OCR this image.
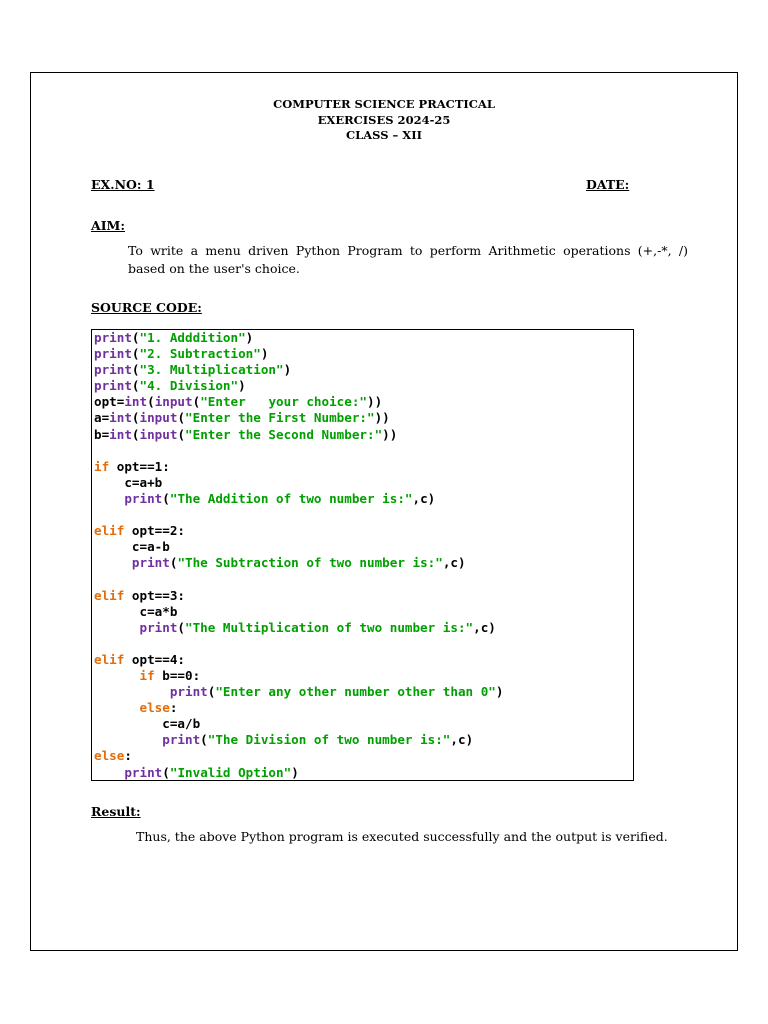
COMPUTER SCIENCE PRACTICAL
EXERCISES 2024-25
CLASS – XII
EX.NO: 1	DATE:
AIM:
To write a menu driven Python Program to perform Arithmetic operations (+,-*, /) based on the user's choice.
SOURCE CODE:
print("1. Adddition")
print("2. Subtraction")
print("3. Multiplication")
print("4. Division")
opt=int(input("Enter   your choice:"))
a=int(input("Enter the First Number:"))
b=int(input("Enter the Second Number:"))

if opt==1:
c=a+b
print("The Addition of two number is:",c)

elif opt==2:
c=a-b
print("The Subtraction of two number is:",c)

elif opt==3:
c=a*b
print("The Multiplication of two number is:",c)

elif opt==4:
if b==0:
print("Enter any other number other than 0")
else:
c=a/b
print("The Division of two number is:",c)
else:
print("Invalid Option")
Result:
Thus, the above Python program is executed successfully and the output is verified.
